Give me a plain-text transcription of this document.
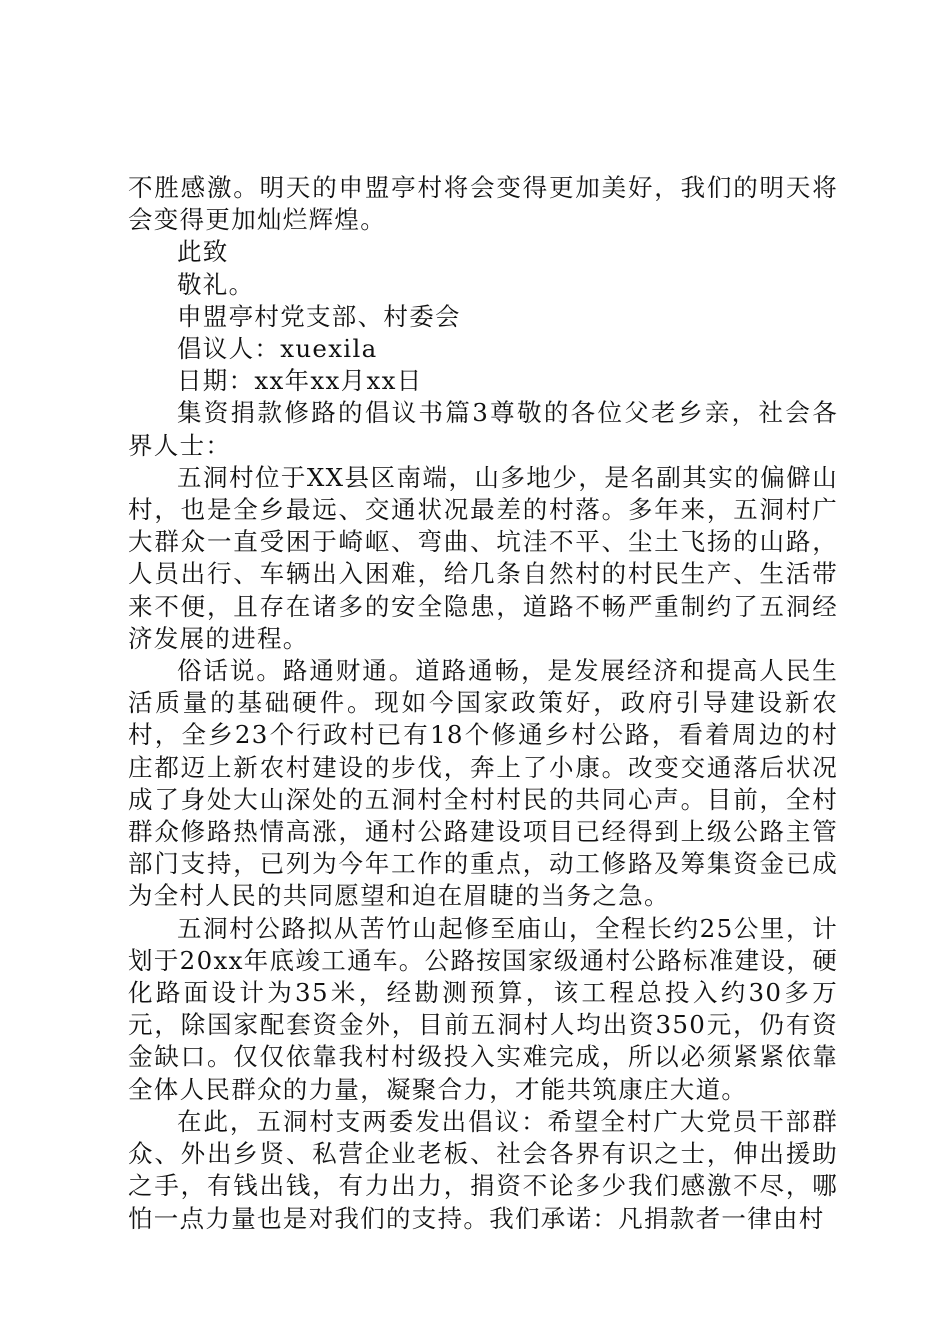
不胜感激。明天的申盟亭村将会变得更加美好，我们的明天将会变得更加灿烂辉煌。

此致

敬礼。

申盟亭村党支部、村委会

倡议人：xuexila

日期：xx年xx月xx日

集资捐款修路的倡议书篇3尊敬的各位父老乡亲，社会各界人士：

五洞村位于XX县区南端，山多地少，是名副其实的偏僻山村，也是全乡最远、交通状况最差的村落。多年来，五洞村广大群众一直受困于崎岖、弯曲、坑洼不平、尘土飞扬的山路，人员出行、车辆出入困难，给几条自然村的村民生产、生活带来不便，且存在诸多的安全隐患，道路不畅严重制约了五洞经济发展的进程。

俗话说。路通财通。道路通畅，是发展经济和提高人民生活质量的基础硬件。现如今国家政策好，政府引导建设新农村，全乡23个行政村已有18个修通乡村公路，看着周边的村庄都迈上新农村建设的步伐，奔上了小康。改变交通落后状况成了身处大山深处的五洞村全村村民的共同心声。目前，全村群众修路热情高涨，通村公路建设项目已经得到上级公路主管部门支持，已列为今年工作的重点，动工修路及筹集资金已成为全村人民的共同愿望和迫在眉睫的当务之急。

五洞村公路拟从苦竹山起修至庙山，全程长约25公里，计划于20xx年底竣工通车。公路按国家级通村公路标准建设，硬化路面设计为35米，经勘测预算，该工程总投入约30多万元，除国家配套资金外，目前五洞村人均出资350元，仍有资金缺口。仅仅依靠我村村级投入实难完成，所以必须紧紧依靠全体人民群众的力量，凝聚合力，才能共筑康庄大道。

在此，五洞村支两委发出倡议：希望全村广大党员干部群众、外出乡贤、私营企业老板、社会各界有识之士，伸出援助之手，有钱出钱，有力出力，捐资不论多少我们感激不尽，哪怕一点力量也是对我们的支持。我们承诺：凡捐款者一律由村
